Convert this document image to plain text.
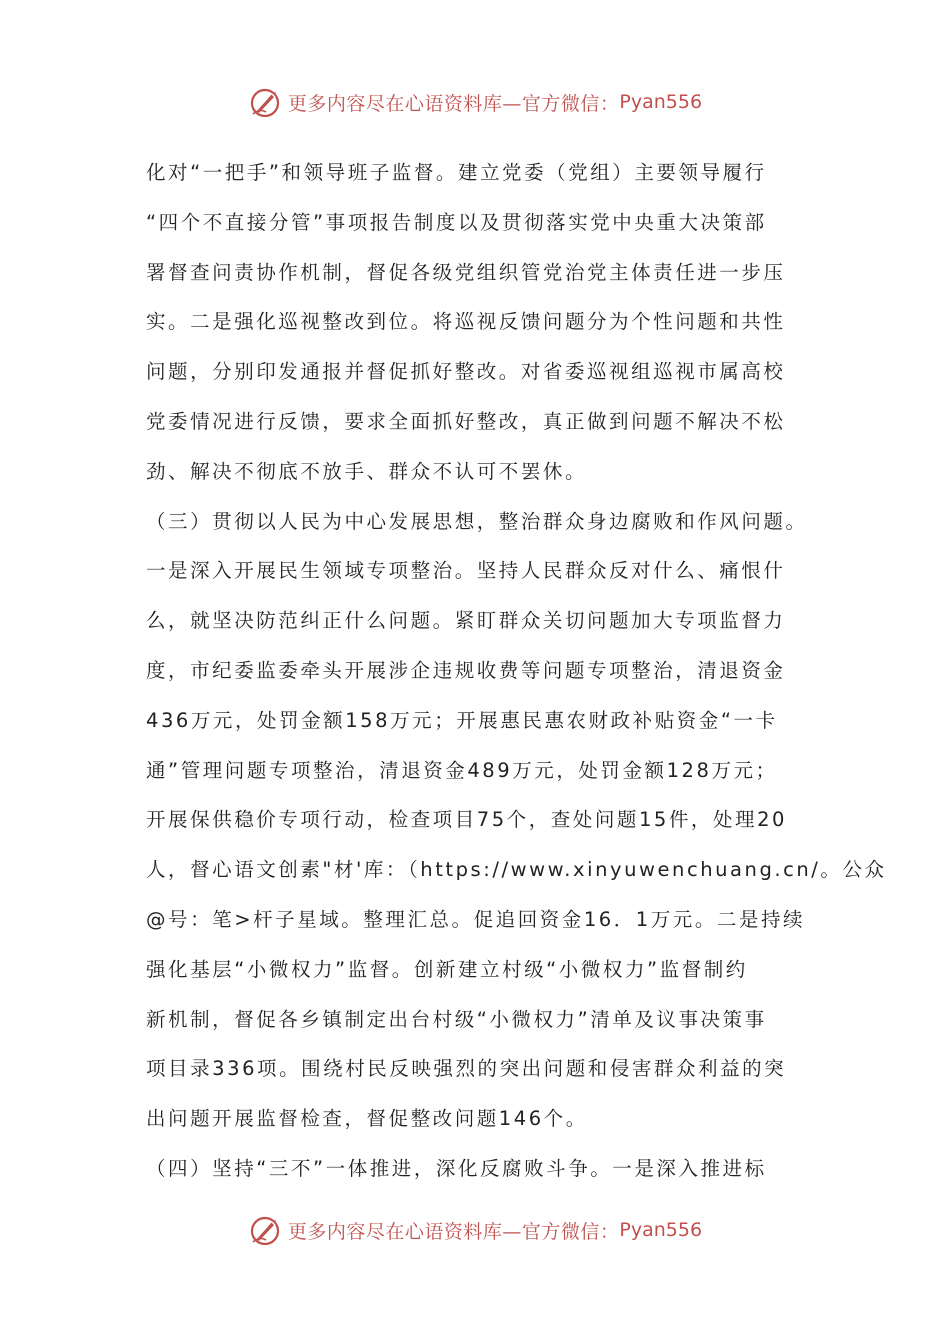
更多内容尽在心语资料库—官方微信： Pyan556
化对“一把手”和领导班子监督。建立党委（党组）主要领导履行
“四个不直接分管”事项报告制度以及贯彻落实党中央重大决策部
署督查问责协作机制，督促各级党组织管党治党主体责任进一步压
实。二是强化巡视整改到位。将巡视反馈问题分为个性问题和共性
问题，分别印发通报并督促抓好整改。对省委巡视组巡视市属高校
党委情况进行反馈，要求全面抓好整改，真正做到问题不解决不松
劲、解决不彻底不放手、群众不认可不罢休。
（三）贯彻以人民为中心发展思想，整治群众身边腐败和作风问题。
一是深入开展民生领域专项整治。坚持人民群众反对什么、痛恨什
么，就坚决防范纠正什么问题。紧盯群众关切问题加大专项监督力
度，市纪委监委牵头开展涉企违规收费等问题专项整治，清退资金
436万元，处罚金额158万元；开展惠民惠农财政补贴资金“一卡
通”管理问题专项整治，清退资金489万元，处罚金额128万元；
开展保供稳价专项行动，检查项目75个，查处问题15件，处理20
人，督心语文创素"材'库：（https://www.xinyuwenchuang.cn/。公众
@号：笔>杆子星域。整理汇总。促追回资金16．1万元。二是持续
强化基层“小微权力”监督。创新建立村级“小微权力”监督制约
新机制，督促各乡镇制定出台村级“小微权力”清单及议事决策事
项目录336项。围绕村民反映强烈的突出问题和侵害群众利益的突
出问题开展监督检查，督促整改问题146个。
（四）坚持“三不”一体推进，深化反腐败斗争。一是深入推进标
更多内容尽在心语资料库—官方微信： Pyan556
